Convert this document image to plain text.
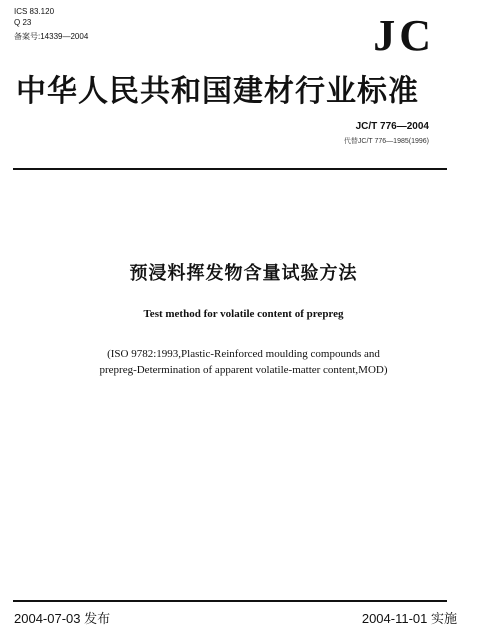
ICS 83.120

Q 23

备案号:14339—2004	JC
中华人民共和国建材行业标准
JC/T 776—2004
代替JC/T 776—1985(1996)
预浸料挥发物含量试验方法
Test method for volatile content of prepreg
(ISO 9782:1993,Plastic-Reinforced moulding compounds and
prepreg-Determination of apparent volatile-matter content,MOD)
2004-07-03 发布	2004-11-01 实施
